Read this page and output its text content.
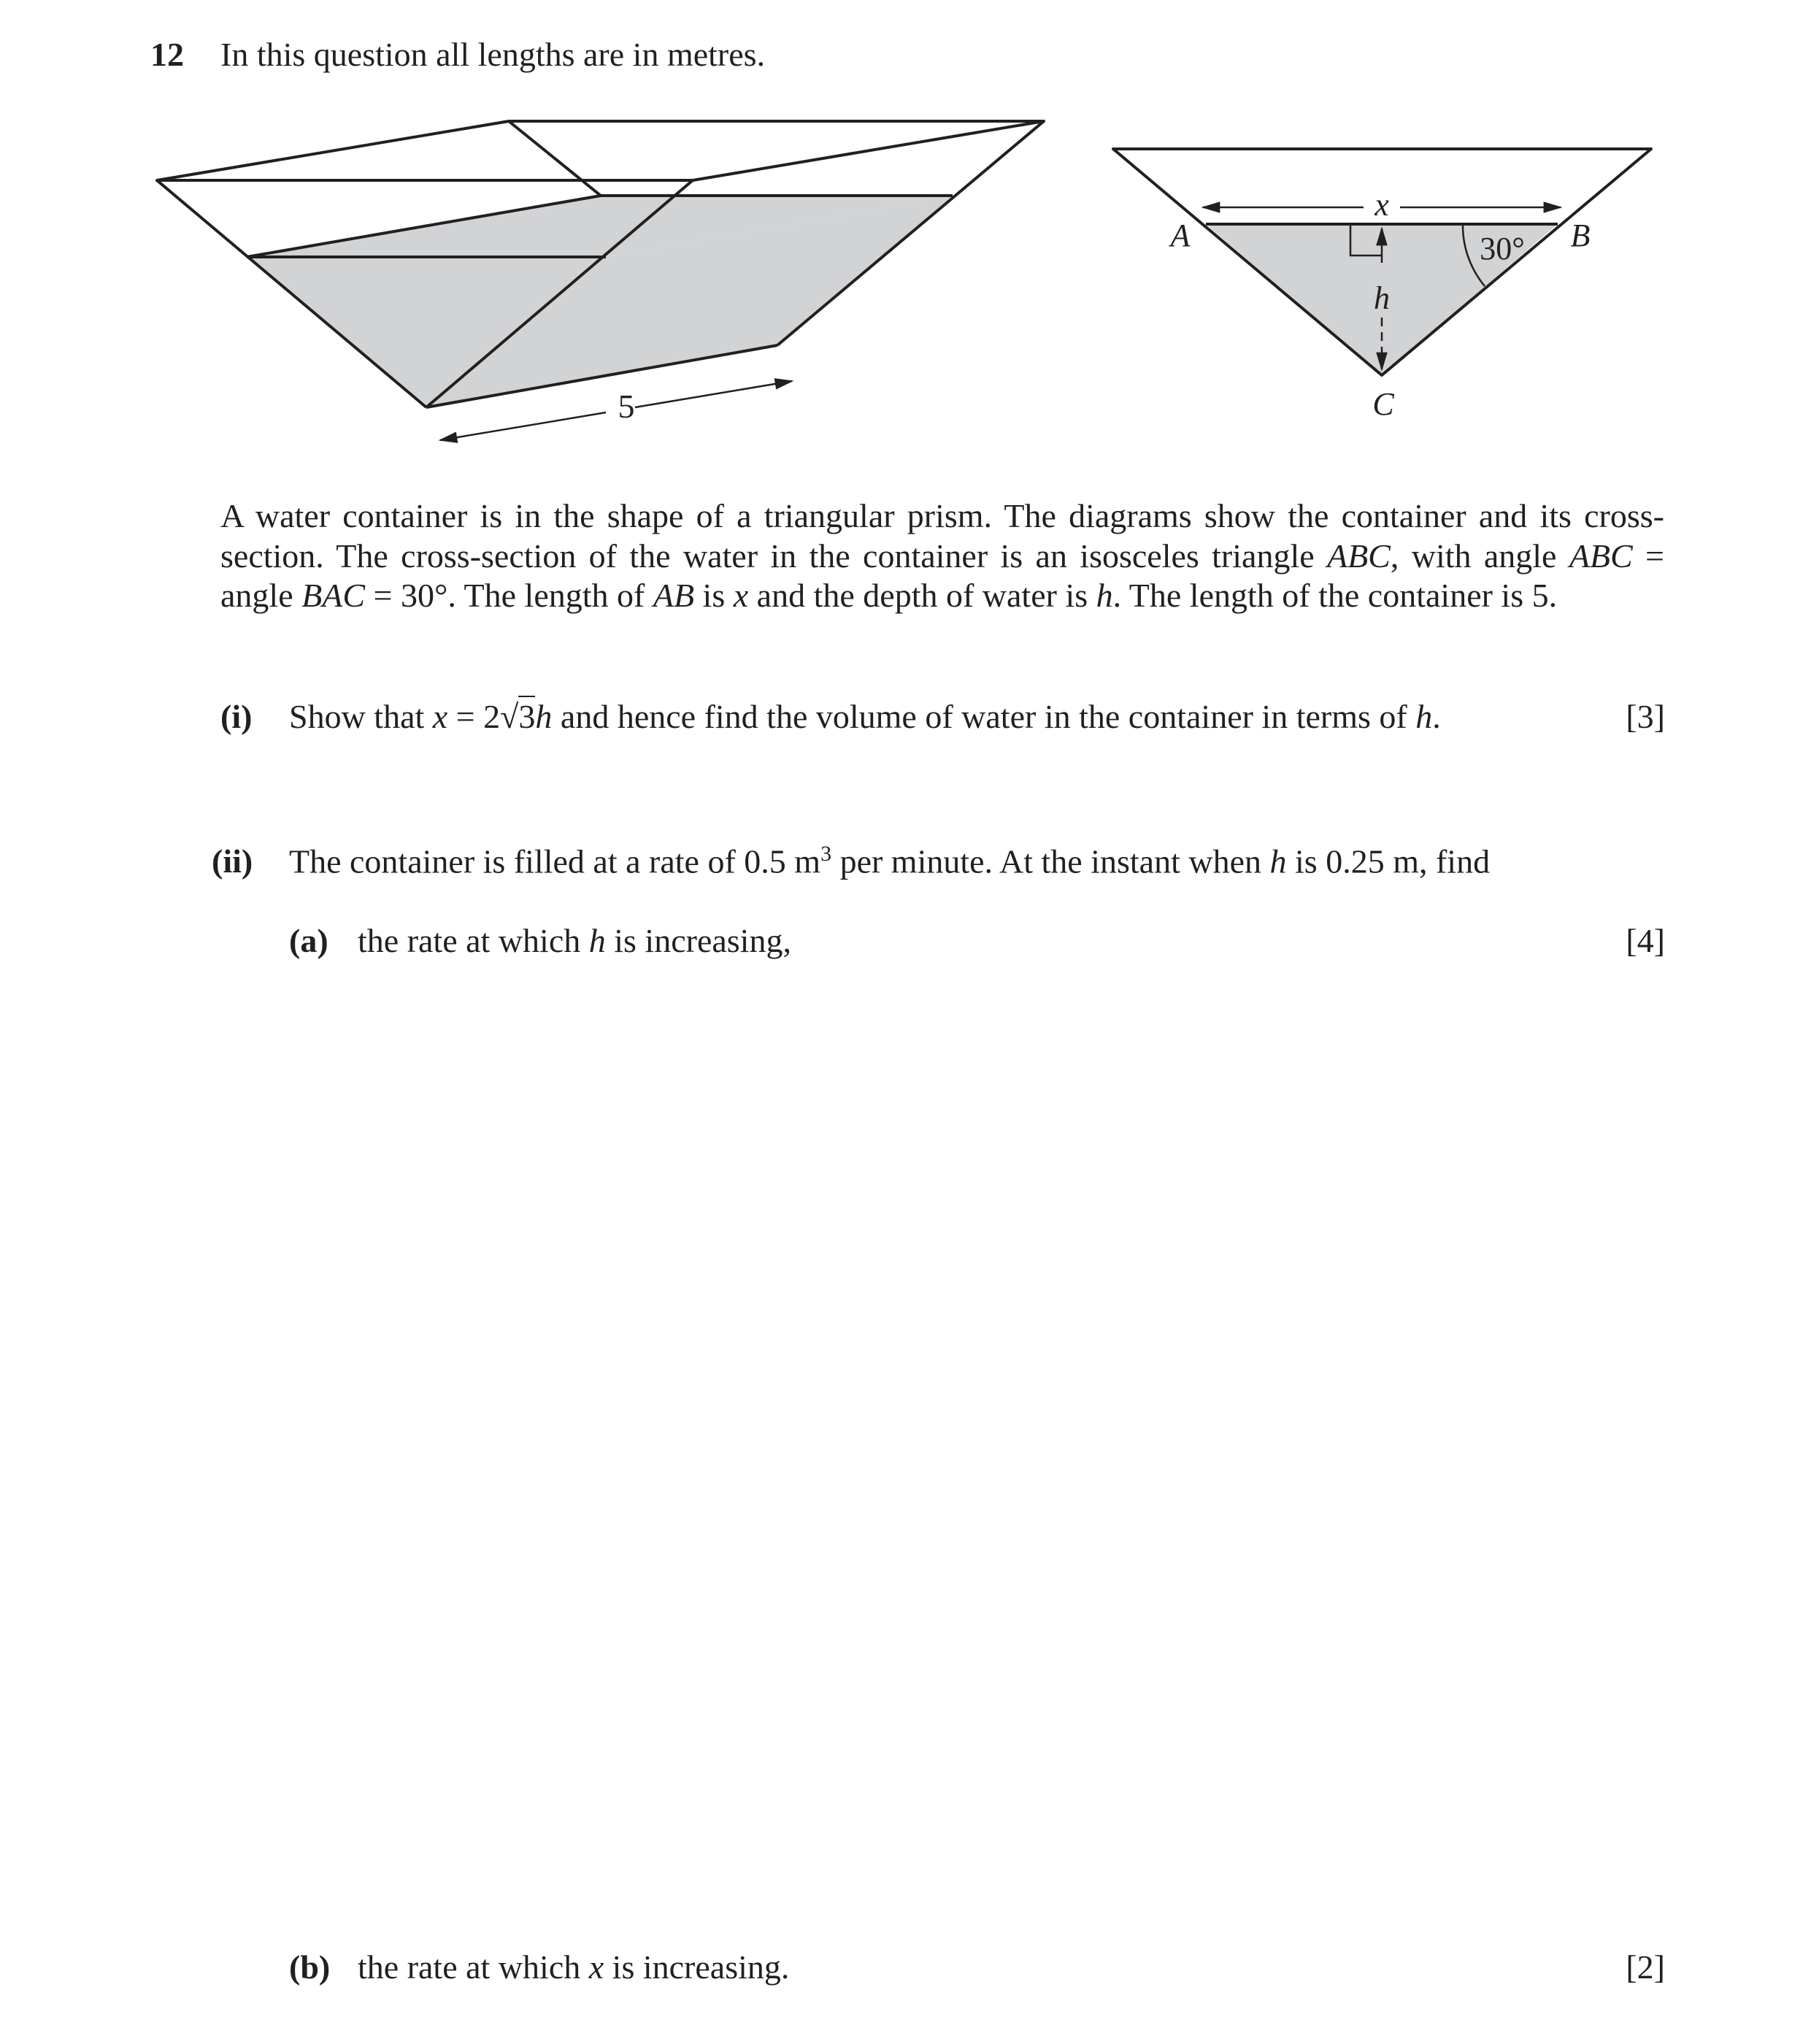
12 In this question all lengths are in metres.
5
x
h
30°
A	B
C
A water container is in the shape of a triangular prism. The diagrams show the container and its cross-section. The cross-section of the water in the container is an isosceles triangle ABC, with angle ABC = angle BAC = 30°. The length of AB is x and the depth of water is h. The length of the container is 5.
(i) Show that x = 2√3h and hence find the volume of water in the container in terms of h.	[3]
(ii) The container is filled at a rate of 0.5 $m^3$ per minute. At the instant when h is 0.25 m, find
(a) the rate at which h is increasing,	[4]
(b) the rate at which x is increasing.	[2]
